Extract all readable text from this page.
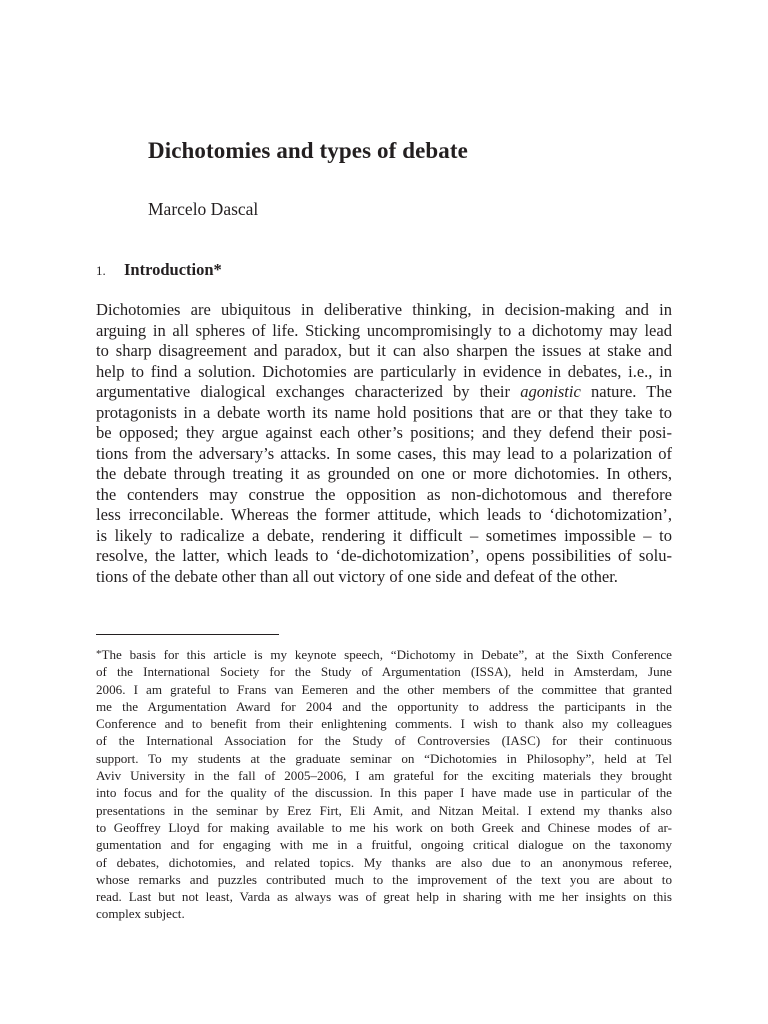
Dichotomies and types of debate
Marcelo Dascal
1. Introduction*
Dichotomies are ubiquitous in deliberative thinking, in decision-making and in
arguing in all spheres of life. Sticking uncompromisingly to a dichotomy may lead
to sharp disagreement and paradox, but it can also sharpen the issues at stake and
help to find a solution. Dichotomies are particularly in evidence in debates, i.e., in
argumentative dialogical exchanges characterized by their agonistic nature. The
protagonists in a debate worth its name hold positions that are or that they take to
be opposed; they argue against each other’s positions; and they defend their posi-
tions from the adversary’s attacks. In some cases, this may lead to a polarization of
the debate through treating it as grounded on one or more dichotomies. In others,
the contenders may construe the opposition as non-dichotomous and therefore
less irreconcilable. Whereas the former attitude, which leads to ‘dichotomization’,
is likely to radicalize a debate, rendering it difficult – sometimes impossible – to
resolve, the latter, which leads to ‘de-dichotomization’, opens possibilities of solu-
tions of the debate other than all out victory of one side and defeat of the other.
*The basis for this article is my keynote speech, “Dichotomy in Debate”, at the Sixth Conference
of the International Society for the Study of Argumentation (ISSA), held in Amsterdam, June
2006. I am grateful to Frans van Eemeren and the other members of the committee that granted
me the Argumentation Award for 2004 and the opportunity to address the participants in the
Conference and to benefit from their enlightening comments. I wish to thank also my colleagues
of the International Association for the Study of Controversies (IASC) for their continuous
support. To my students at the graduate seminar on “Dichotomies in Philosophy”, held at Tel
Aviv University in the fall of 2005–2006, I am grateful for the exciting materials they brought
into focus and for the quality of the discussion. In this paper I have made use in particular of the
presentations in the seminar by Erez Firt, Eli Amit, and Nitzan Meital. I extend my thanks also
to Geoffrey Lloyd for making available to me his work on both Greek and Chinese modes of ar-
gumentation and for engaging with me in a fruitful, ongoing critical dialogue on the taxonomy
of debates, dichotomies, and related topics. My thanks are also due to an anonymous referee,
whose remarks and puzzles contributed much to the improvement of the text you are about to
read. Last but not least, Varda as always was of great help in sharing with me her insights on this
complex subject.
